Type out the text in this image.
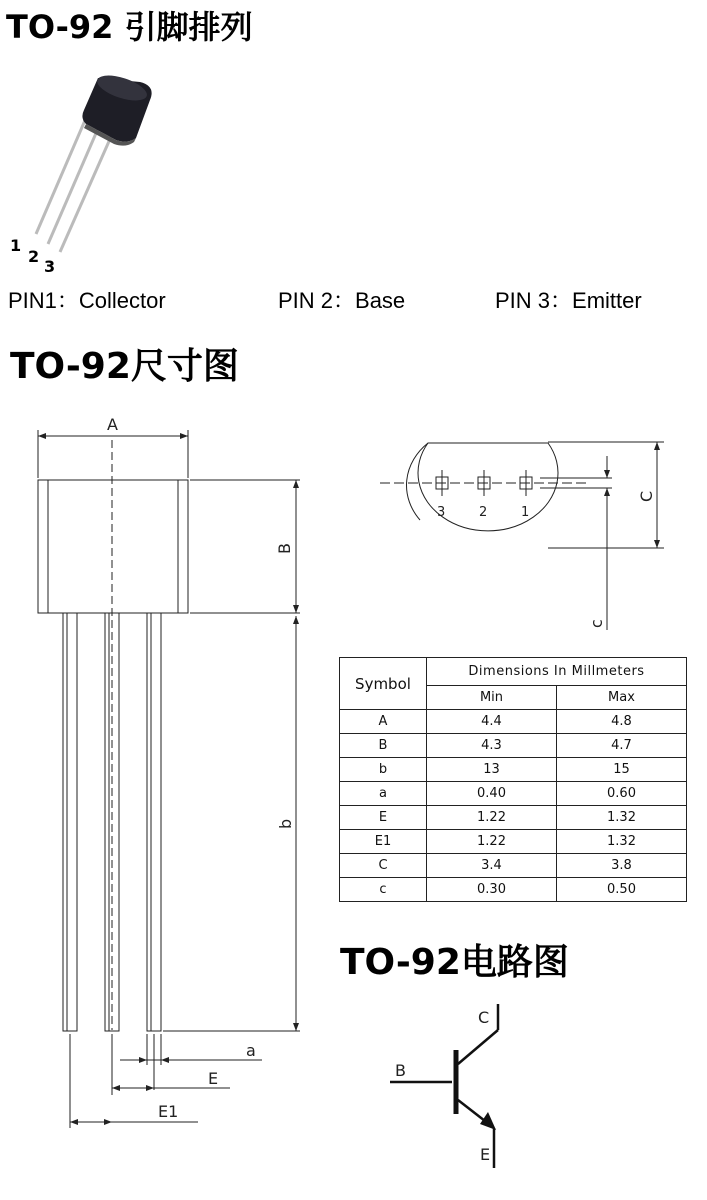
TO-92 引脚排列
TO-92尺寸图
TO-92电路图
PIN1：Collector	PIN 2：Base	PIN 3：Emitter
1
2
3
A
B
b
a
E
E1
3	2	1
C
c
C
B
E
Symbol	Dimensions In Millmeters	
	Min	Max
A	4.4	4.8
B	4.3	4.7
b	13	15
a	0.40	0.60
E	1.22	1.32
E1	1.22	1.32
C	3.4	3.8
c	0.30	0.50
